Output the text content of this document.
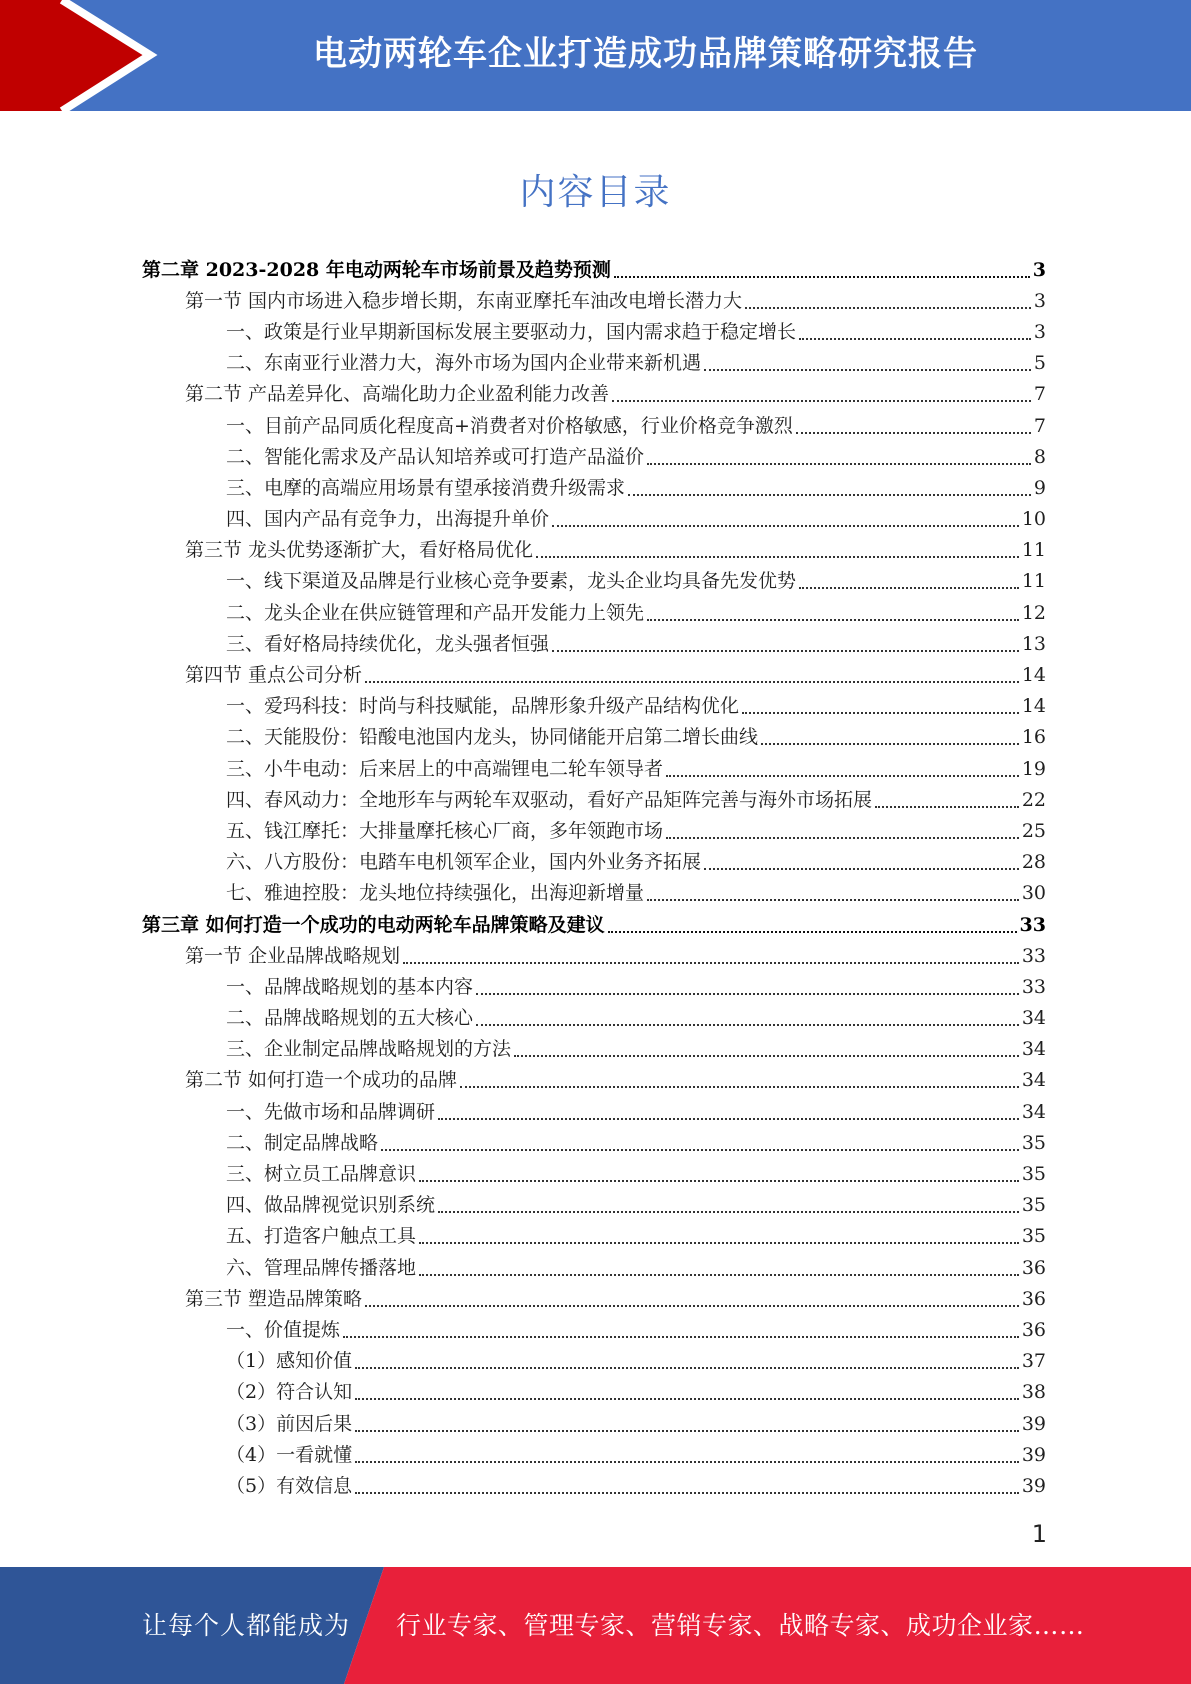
电动两轮车企业打造成功品牌策略研究报告
内容目录
第二章 2023-2028 年电动两轮车市场前景及趋势预测	3
第一节 国内市场进入稳步增长期，东南亚摩托车油改电增长潜力大	3
一、政策是行业早期新国标发展主要驱动力，国内需求趋于稳定增长	3
二、东南亚行业潜力大，海外市场为国内企业带来新机遇	5
第二节 产品差异化、高端化助力企业盈利能力改善	7
一、目前产品同质化程度高+消费者对价格敏感，行业价格竞争激烈	7
二、智能化需求及产品认知培养或可打造产品溢价	8
三、电摩的高端应用场景有望承接消费升级需求	9
四、国内产品有竞争力，出海提升单价	10
第三节 龙头优势逐渐扩大，看好格局优化	11
一、线下渠道及品牌是行业核心竞争要素，龙头企业均具备先发优势	11
二、龙头企业在供应链管理和产品开发能力上领先	12
三、看好格局持续优化，龙头强者恒强	13
第四节 重点公司分析	14
一、爱玛科技：时尚与科技赋能，品牌形象升级产品结构优化	14
二、天能股份：铅酸电池国内龙头，协同储能开启第二增长曲线	16
三、小牛电动：后来居上的中高端锂电二轮车领导者	19
四、春风动力：全地形车与两轮车双驱动，看好产品矩阵完善与海外市场拓展	22
五、钱江摩托：大排量摩托核心厂商，多年领跑市场	25
六、八方股份：电踏车电机领军企业，国内外业务齐拓展	28
七、雅迪控股：龙头地位持续强化，出海迎新增量	30
第三章 如何打造一个成功的电动两轮车品牌策略及建议	33
第一节 企业品牌战略规划	33
一、品牌战略规划的基本内容	33
二、品牌战略规划的五大核心	34
三、企业制定品牌战略规划的方法	34
第二节 如何打造一个成功的品牌	34
一、先做市场和品牌调研	34
二、制定品牌战略	35
三、树立员工品牌意识	35
四、做品牌视觉识别系统	35
五、打造客户触点工具	35
六、管理品牌传播落地	36
第三节 塑造品牌策略	36
一、价值提炼	36
（1）感知价值	37
（2）符合认知	38
（3）前因后果	39
（4）一看就懂	39
（5）有效信息	39
1
让每个人都能成为 行业专家、管理专家、营销专家、战略专家、成功企业家……
